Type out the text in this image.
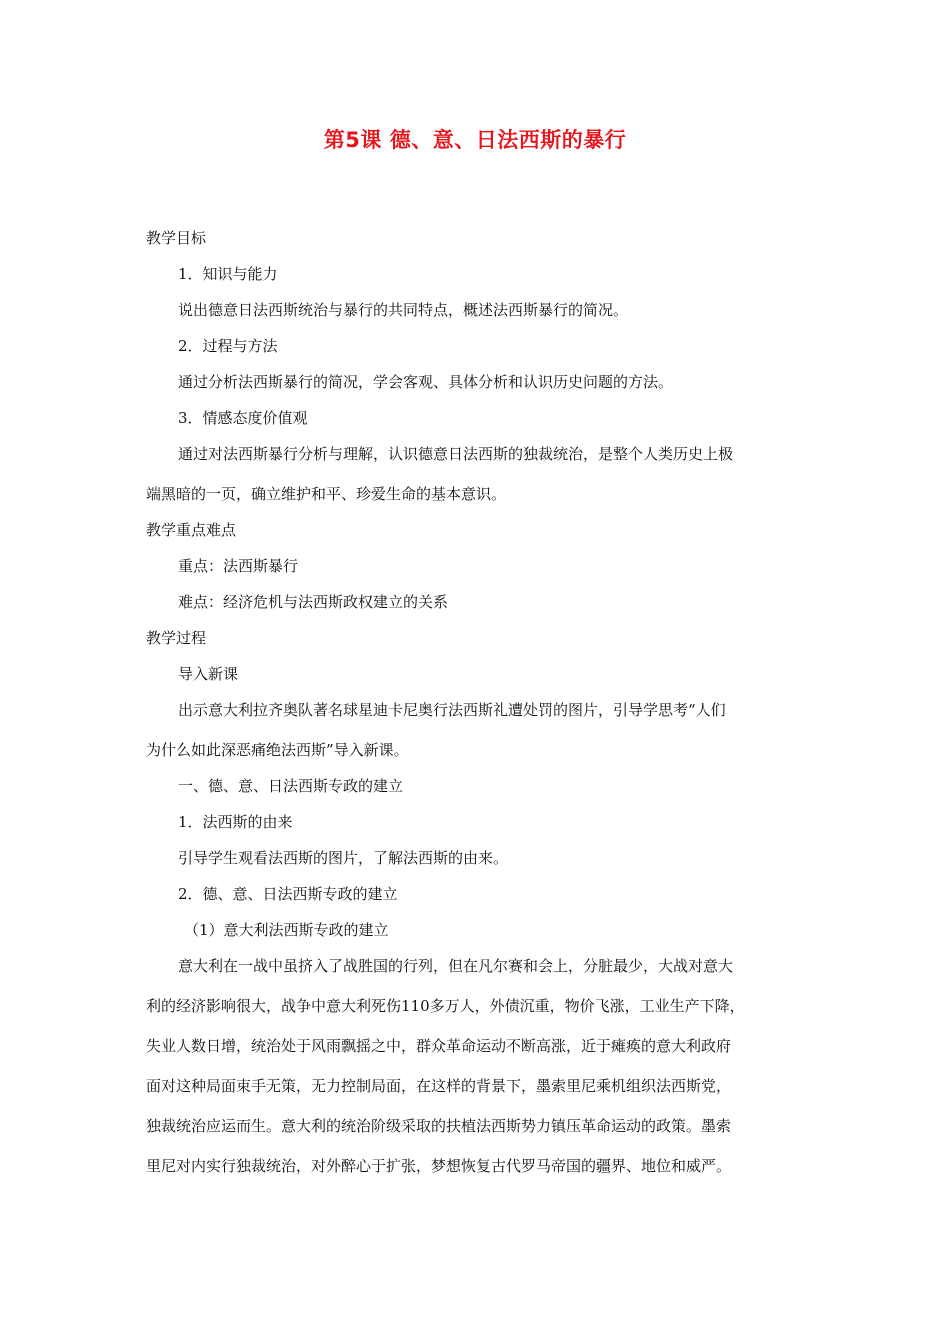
第5课 德、意、日法西斯的暴行
教学目标
1．知识与能力
说出德意日法西斯统治与暴行的共同特点，概述法西斯暴行的简况。
2．过程与方法
通过分析法西斯暴行的简况，学会客观、具体分析和认识历史问题的方法。
3．情感态度价值观
通过对法西斯暴行分析与理解，认识德意日法西斯的独裁统治，是整个人类历史上极
端黑暗的一页，确立维护和平、珍爱生命的基本意识。
教学重点难点
重点：法西斯暴行
难点：经济危机与法西斯政权建立的关系
教学过程
导入新课
出示意大利拉齐奥队著名球星迪卡尼奥行法西斯礼遭处罚的图片，引导学思考“人们
为什么如此深恶痛绝法西斯”导入新课。
一、德、意、日法西斯专政的建立
1．法西斯的由来
引导学生观看法西斯的图片，了解法西斯的由来。
2．德、意、日法西斯专政的建立
（1）意大利法西斯专政的建立
意大利在一战中虽挤入了战胜国的行列，但在凡尔赛和会上，分脏最少，大战对意大
利的经济影响很大，战争中意大利死伤110多万人，外债沉重，物价飞涨，工业生产下降，
失业人数日增，统治处于风雨飘摇之中，群众革命运动不断高涨，近于瘫痪的意大利政府
面对这种局面束手无策，无力控制局面，在这样的背景下，墨索里尼乘机组织法西斯党，
独裁统治应运而生。意大利的统治阶级采取的扶植法西斯势力镇压革命运动的政策。墨索
里尼对内实行独裁统治，对外醉心于扩张，梦想恢复古代罗马帝国的疆界、地位和威严。
